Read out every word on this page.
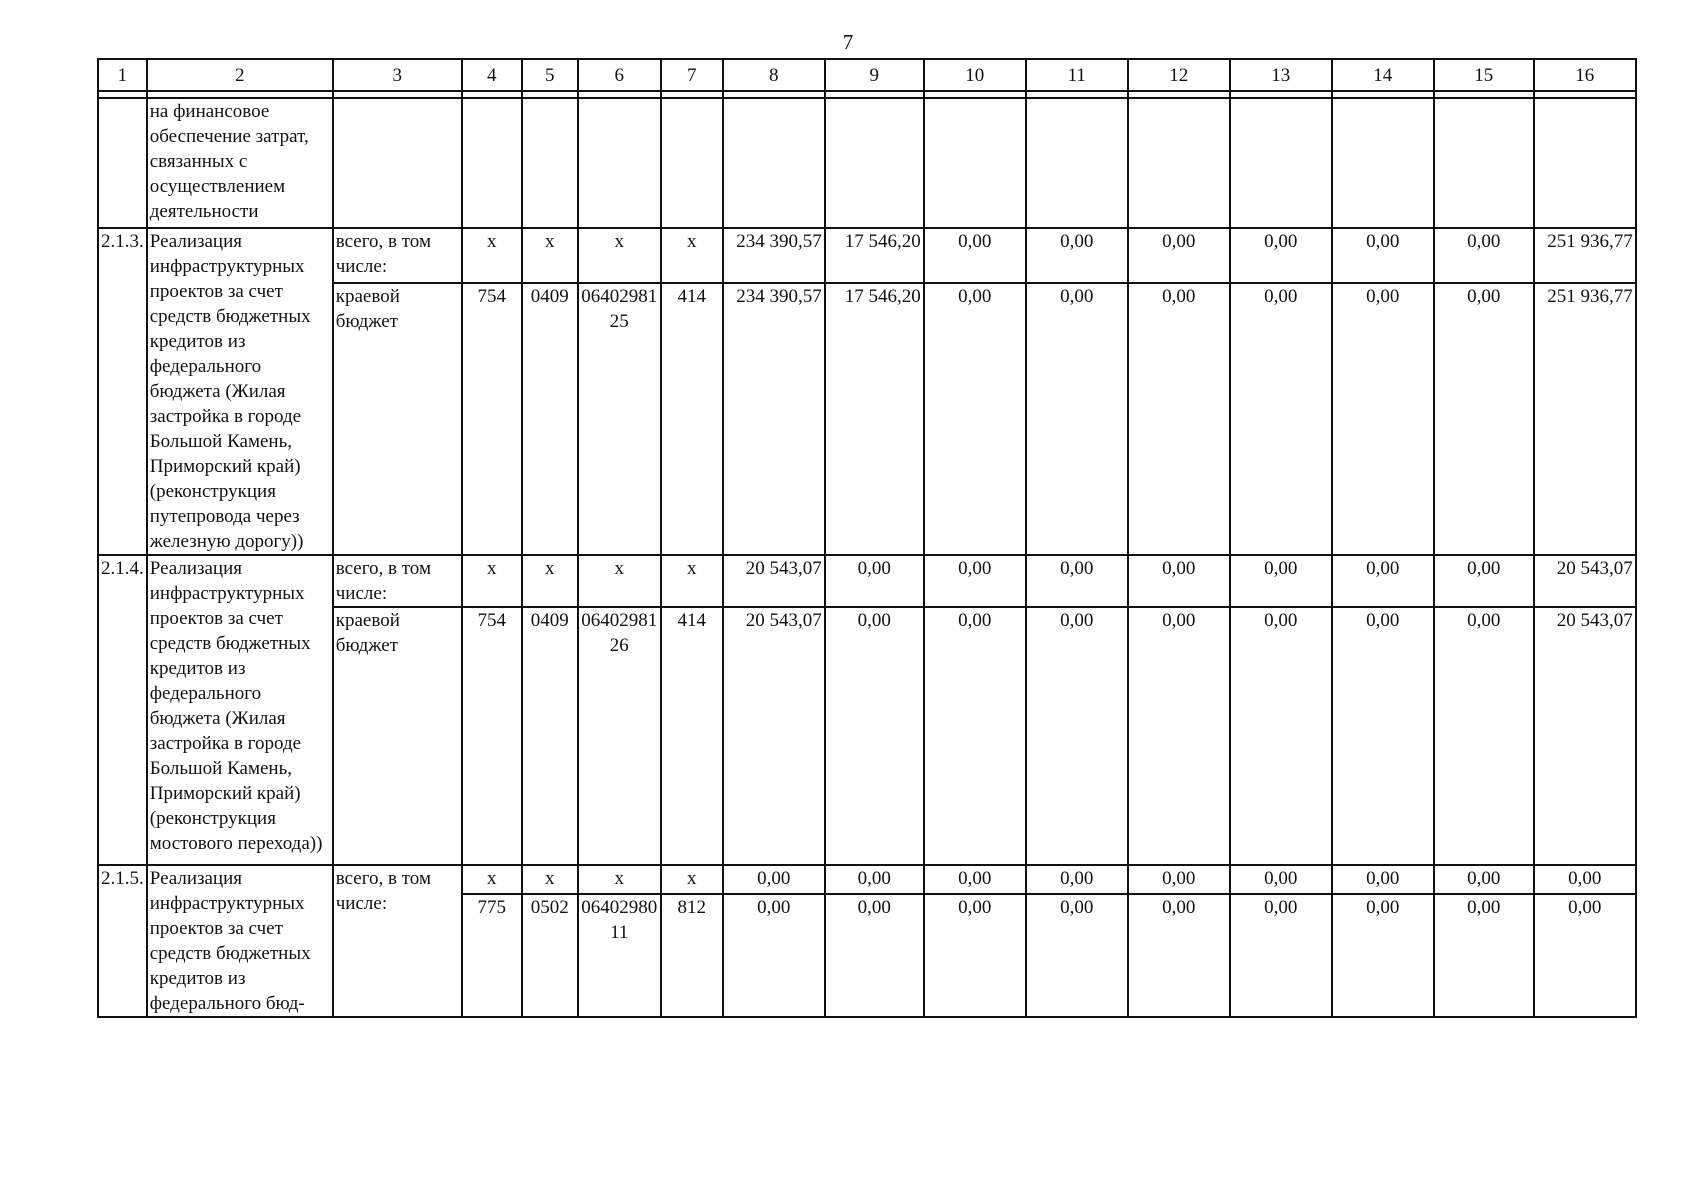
7
1	2	3	4	5	6	7	8	9	10	11	12	13	14	15	16

	на финансовое обеспечение затрат, связанных с осуществлением деятельности														
2.1.3.	Реализация инфраструктурных проектов за счет средств бюджетных кредитов из федерального бюджета (Жилая застройка в городе Большой Камень, Приморский край) (реконструкция путепровода через железную дорогу))	всего, в том числе:	x	x	x	x	234 390,57	17 546,20	0,00	0,00	0,00	0,00	0,00	0,00	251 936,77
		краевой бюджет	754	0409	0640298125	414	234 390,57	17 546,20	0,00	0,00	0,00	0,00	0,00	0,00	251 936,77
2.1.4.	Реализация инфраструктурных проектов за счет средств бюджетных кредитов из федерального бюджета (Жилая застройка в городе Большой Камень, Приморский край) (реконструкция мостового перехода))	всего, в том числе:	x	x	x	x	20 543,07	0,00	0,00	0,00	0,00	0,00	0,00	0,00	20 543,07
		краевой бюджет	754	0409	0640298126	414	20 543,07	0,00	0,00	0,00	0,00	0,00	0,00	0,00	20 543,07
2.1.5.	Реализация инфраструктурных проектов за счет средств бюджетных кредитов из федерального бюд-	всего, в том числе:	x	x	x	x	0,00	0,00	0,00	0,00	0,00	0,00	0,00	0,00	0,00
			775	0502	0640298011	812	0,00	0,00	0,00	0,00	0,00	0,00	0,00	0,00	0,00
